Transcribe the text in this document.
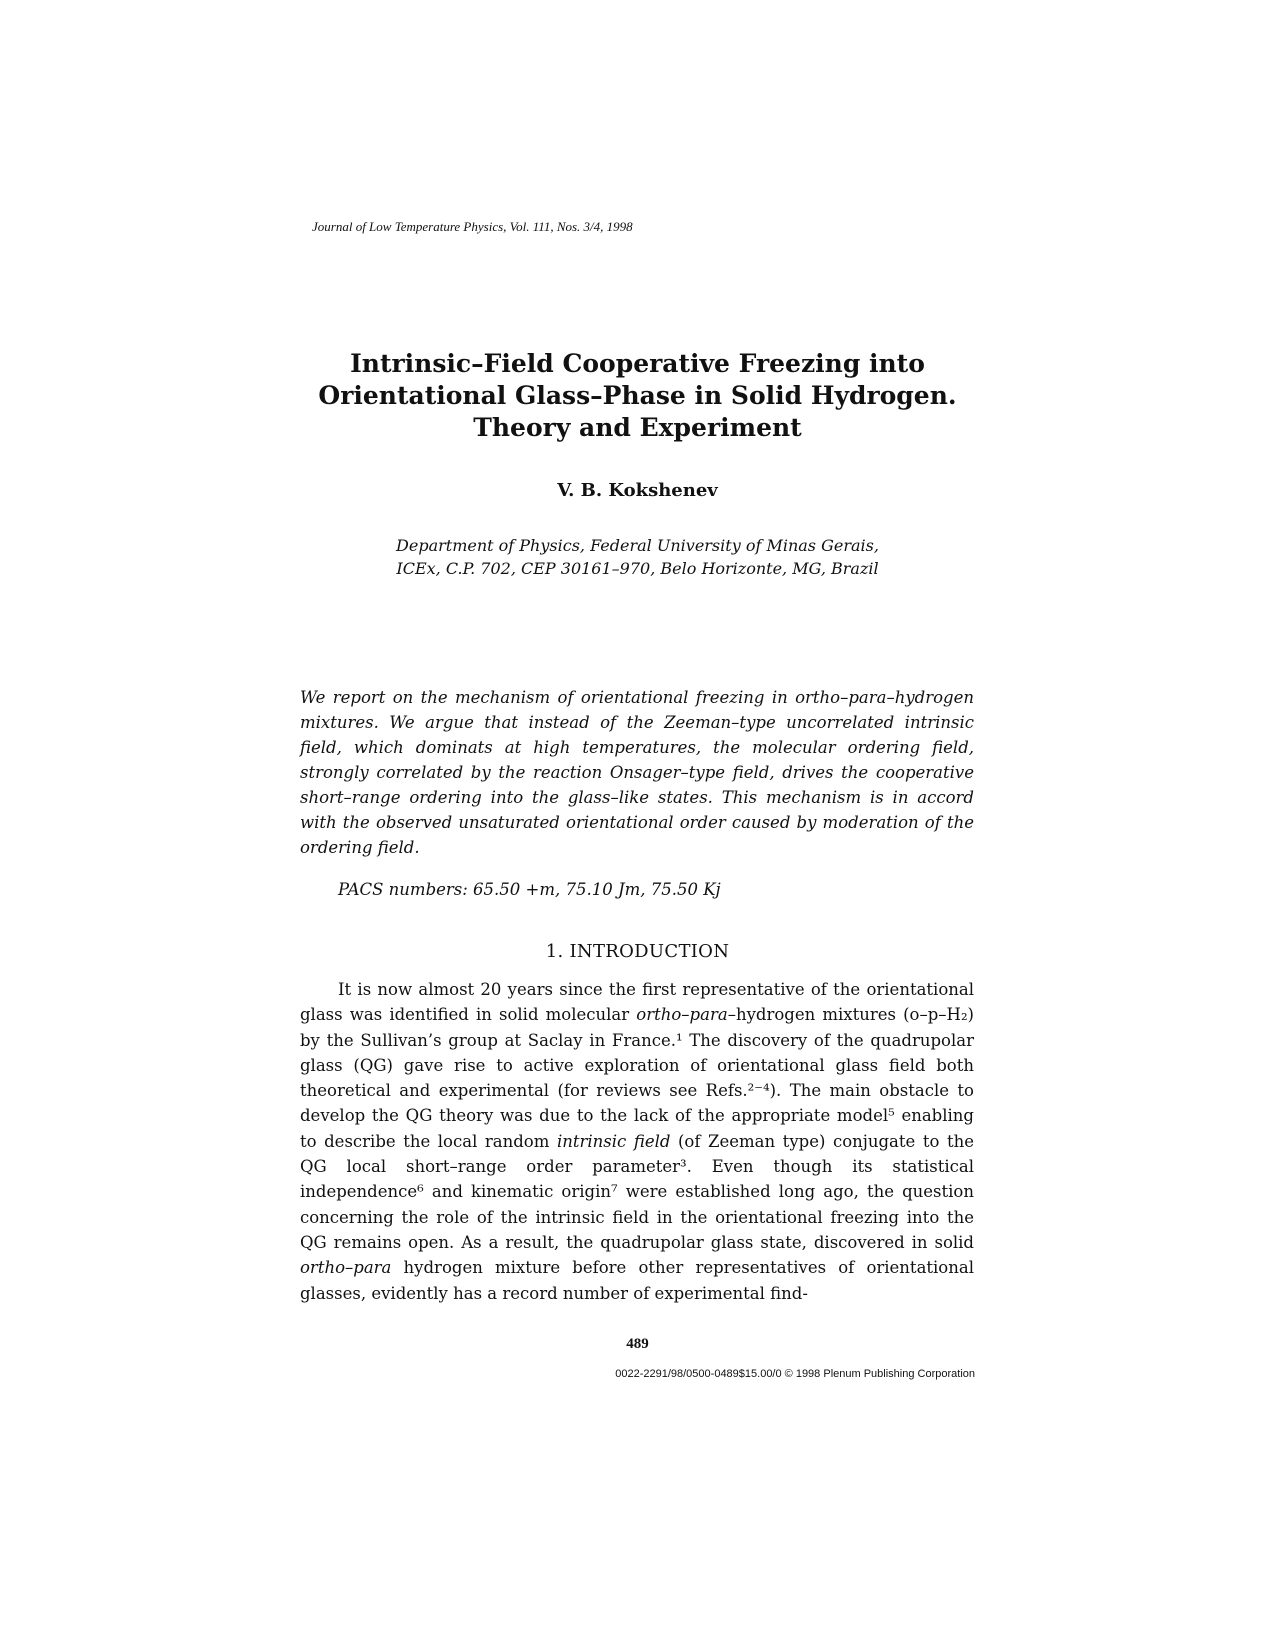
Journal of Low Temperature Physics, Vol. 111, Nos. 3/4, 1998
Intrinsic–Field Cooperative Freezing into
Orientational Glass–Phase in Solid Hydrogen.
Theory and Experiment
V. B. Kokshenev
Department of Physics, Federal University of Minas Gerais,
ICEx, C.P. 702, CEP 30161–970, Belo Horizonte, MG, Brazil
We report on the mechanism of orientational freezing in ortho–para–hydrogen mixtures. We argue that instead of the Zeeman–type uncorrelated intrinsic field, which dominats at high temperatures, the molecular ordering field, strongly correlated by the reaction Onsager–type field, drives the cooperative short–range ordering into the glass–like states. This mechanism is in accord with the observed unsaturated orientational order caused by moderation of the ordering field.
PACS numbers: 65.50 +m, 75.10 Jm, 75.50 Kj
1. INTRODUCTION

It is now almost 20 years since the first representative of the orientational glass was identified in solid molecular ortho–para–hydrogen mixtures (o–p–H₂) by the Sullivan’s group at Saclay in France.¹ The discovery of the quadrupolar glass (QG) gave rise to active exploration of orientational glass field both theoretical and experimental (for reviews see Refs.²⁻⁴). The main obstacle to develop the QG theory was due to the lack of the appropriate model⁵ enabling to describe the local random intrinsic field (of Zeeman type) conjugate to the QG local short–range order parameter³. Even though its statistical independence⁶ and kinematic origin⁷ were established long ago, the question concerning the role of the intrinsic field in the orientational freezing into the QG remains open. As a result, the quadrupolar glass state, discovered in solid ortho–para hydrogen mixture before other representatives of orientational glasses, evidently has a record number of experimental find-

489
0022-2291/98/0500-0489$15.00/0 © 1998 Plenum Publishing Corporation
